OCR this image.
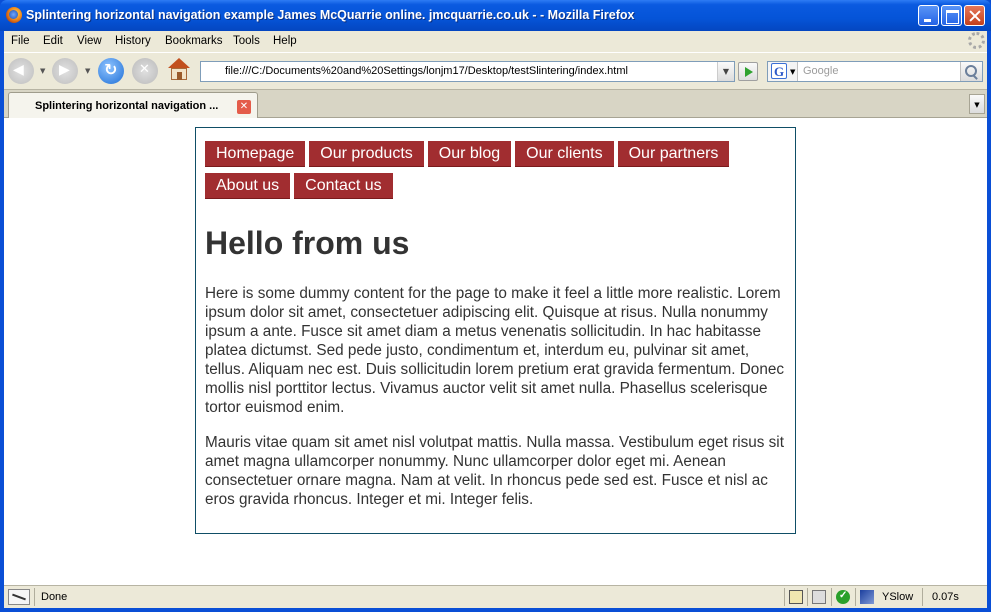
Splintering horizontal navigation example James McQuarrie online. jmcquarrie.co.uk - - Mozilla Firefox
File Edit View History Bookmarks Tools Help
◀
▼ ▶	▼ ↻ ✕	file:///C:/Documents%20and%20Settings/lonjm17/Desktop/testSlintering/index.html	▼	G ▼ Google
Splintering horizontal navigation ... ✕	▼
Homepage	Our products	Our blog	Our clients	Our partners
About us	Contact us
Hello from us

Here is some dummy content for the page to make it feel a little more realistic. Lorem ipsum dolor sit amet, consectetuer adipiscing elit. Quisque at risus. Nulla nonummy ipsum a ante. Fusce sit amet diam a metus venenatis sollicitudin. In hac habitasse platea dictumst. Sed pede justo, condimentum et, interdum eu, pulvinar sit amet, tellus. Aliquam nec est. Duis sollicitudin lorem pretium erat gravida fermentum. Donec mollis nisl porttitor lectus. Vivamus auctor velit sit amet nulla. Phasellus scelerisque tortor euismod enim.

Mauris vitae quam sit amet nisl volutpat mattis. Nulla massa. Vestibulum eget risus sit amet magna ullamcorper nonummy. Nunc ullamcorper dolor eget mi. Aenean consectetuer ornare magna. Nam at velit. In rhoncus pede sed est. Fusce et nisl ac eros gravida rhoncus. Integer et mi. Integer felis.

Done ✓	YSlow 0.07s
